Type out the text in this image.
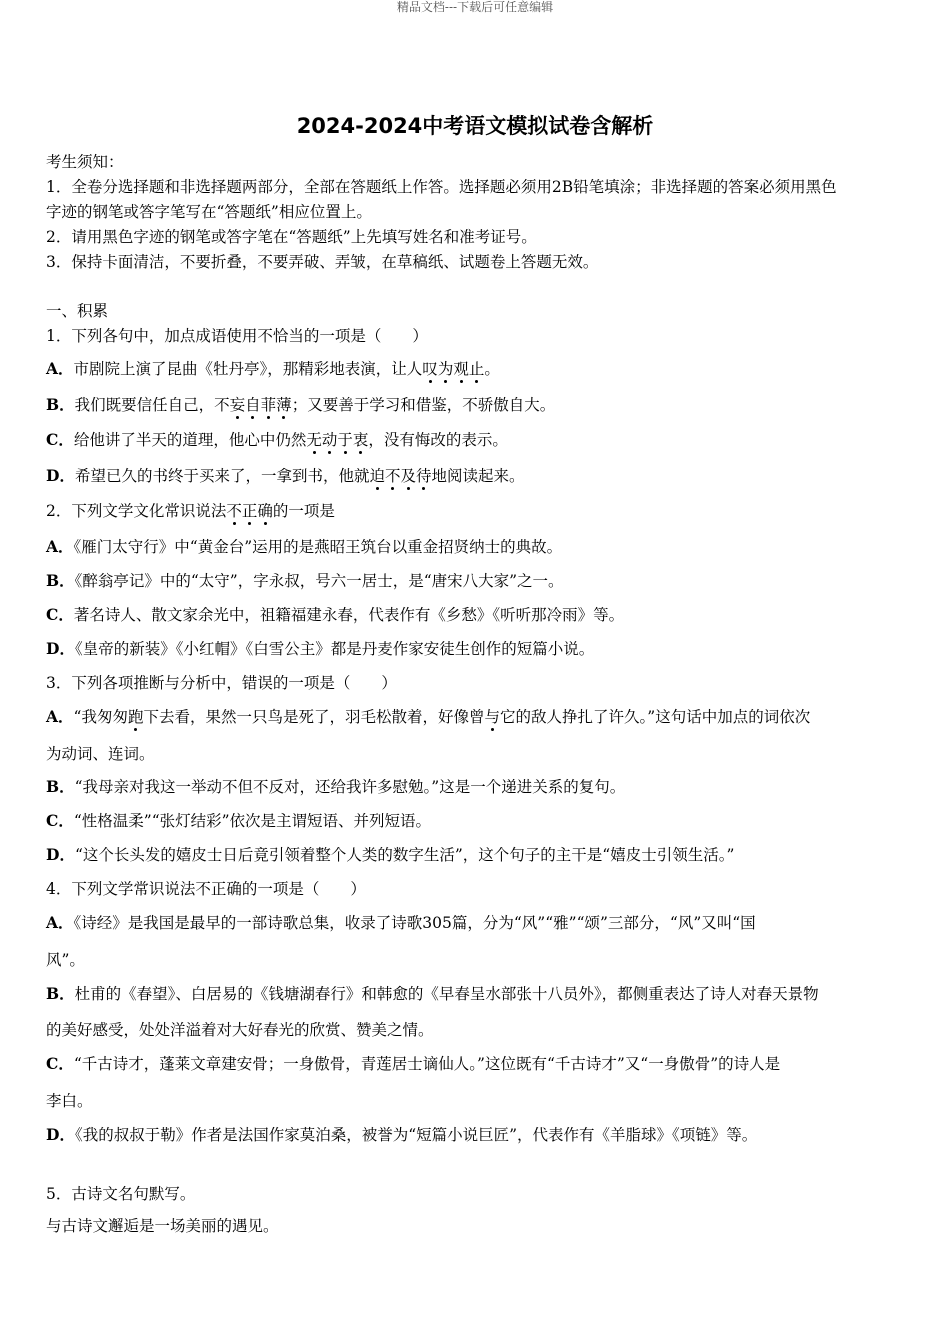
精品文档---下载后可任意编辑
2024-2024中考语文模拟试卷含解析
考生须知：
1．全卷分选择题和非选择题两部分，全部在答题纸上作答。选择题必须用2B铅笔填涂；非选择题的答案必须用黑色
字迹的钢笔或答字笔写在“答题纸”相应位置上。
2．请用黑色字迹的钢笔或答字笔在“答题纸”上先填写姓名和准考证号。
3．保持卡面清洁，不要折叠，不要弄破、弄皱，在草稿纸、试题卷上答题无效。
一、积累
1．下列各句中，加点成语使用不恰当的一项是（　　）
A．市剧院上演了昆曲《牡丹亭》，那精彩地表演，让人叹为观止。
B．我们既要信任自己，不妄自菲薄；又要善于学习和借鉴，不骄傲自大。
C．给他讲了半天的道理，他心中仍然无动于衷，没有悔改的表示。
D．希望已久的书终于买来了，一拿到书，他就迫不及待地阅读起来。
2．下列文学文化常识说法不正确的一项是
A．《雁门太守行》中“黄金台”运用的是燕昭王筑台以重金招贤纳士的典故。
B．《醉翁亭记》中的“太守”，字永叔，号六一居士，是“唐宋八大家”之一。
C．著名诗人、散文家余光中，祖籍福建永春，代表作有《乡愁》《听听那冷雨》等。
D．《皇帝的新装》《小红帽》《白雪公主》都是丹麦作家安徒生创作的短篇小说。
3．下列各项推断与分析中，错误的一项是（　　）
A．“我匆匆跑下去看，果然一只鸟是死了，羽毛松散着，好像曾与它的敌人挣扎了许久。”这句话中加点的词依次
为动词、连词。
B．“我母亲对我这一举动不但不反对，还给我许多慰勉。”这是一个递进关系的复句。
C．“性格温柔”“张灯结彩”依次是主谓短语、并列短语。
D．“这个长头发的嬉皮士日后竟引领着整个人类的数字生活”，这个句子的主干是“嬉皮士引领生活。”
4．下列文学常识说法不正确的一项是（　　）
A．《诗经》是我国是最早的一部诗歌总集，收录了诗歌305篇，分为“风”“雅”“颂”三部分，“风”又叫“国
风”。
B．杜甫的《春望》、白居易的《钱塘湖春行》和韩愈的《早春呈水部张十八员外》，都侧重表达了诗人对春天景物
的美好感受，处处洋溢着对大好春光的欣赏、赞美之情。
C．“千古诗才，蓬莱文章建安骨；一身傲骨，青莲居士谪仙人。”这位既有“千古诗才”又“一身傲骨”的诗人是
李白。
D．《我的叔叔于勒》作者是法国作家莫泊桑，被誉为“短篇小说巨匠”，代表作有《羊脂球》《项链》等。
5．古诗文名句默写。
与古诗文邂逅是一场美丽的遇见。
